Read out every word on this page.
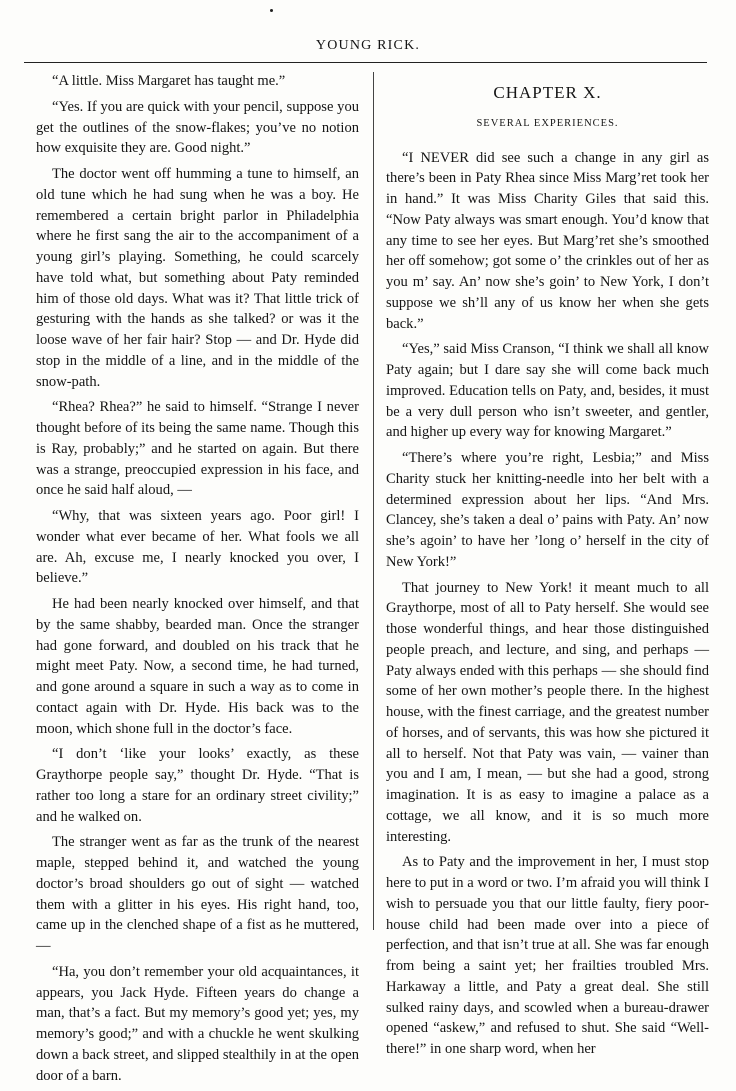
YOUNG RICK.

“A little. Miss Margaret has taught me.”

“Yes. If you are quick with your pencil, suppose you get the outlines of the snow-flakes; you’ve no notion how exquisite they are. Good night.”

The doctor went off humming a tune to himself, an old tune which he had sung when he was a boy. He remembered a certain bright parlor in Philadelphia where he first sang the air to the accompaniment of a young girl’s playing. Something, he could scarcely have told what, but something about Paty reminded him of those old days. What was it? That little trick of gesturing with the hands as she talked? or was it the loose wave of her fair hair? Stop — and Dr. Hyde did stop in the middle of a line, and in the middle of the snow-path.

“Rhea? Rhea?” he said to himself. “Strange I never thought before of its being the same name. Though this is Ray, probably;” and he started on again. But there was a strange, preoccupied expression in his face, and once he said half aloud, —

“Why, that was sixteen years ago. Poor girl! I wonder what ever became of her. What fools we all are. Ah, excuse me, I nearly knocked you over, I believe.”

He had been nearly knocked over himself, and that by the same shabby, bearded man. Once the stranger had gone forward, and doubled on his track that he might meet Paty. Now, a second time, he had turned, and gone around a square in such a way as to come in contact again with Dr. Hyde. His back was to the moon, which shone full in the doctor’s face.

“I don’t ‘like your looks’ exactly, as these Graythorpe people say,” thought Dr. Hyde. “That is rather too long a stare for an ordinary street civility;” and he walked on.

The stranger went as far as the trunk of the nearest maple, stepped behind it, and watched the young doctor’s broad shoulders go out of sight — watched them with a glitter in his eyes. His right hand, too, came up in the clenched shape of a fist as he muttered, —

“Ha, you don’t remember your old acquaintances, it appears, you Jack Hyde. Fifteen years do change a man, that’s a fact. But my memory’s good yet; yes, my memory’s good;” and with a chuckle he went skulking down a back street, and slipped stealthily in at the open door of a barn.

CHAPTER X.
SEVERAL EXPERIENCES.

“I NEVER did see such a change in any girl as there’s been in Paty Rhea since Miss Marg’ret took her in hand.” It was Miss Charity Giles that said this. “Now Paty always was smart enough. You’d know that any time to see her eyes. But Marg’ret she’s smoothed her off somehow; got some o’ the crinkles out of her as you m’ say. An’ now she’s goin’ to New York, I don’t suppose we sh’ll any of us know her when she gets back.”

“Yes,” said Miss Cranson, “I think we shall all know Paty again; but I dare say she will come back much improved. Education tells on Paty, and, besides, it must be a very dull person who isn’t sweeter, and gentler, and higher up every way for knowing Margaret.”

“There’s where you’re right, Lesbia;” and Miss Charity stuck her knitting-needle into her belt with a determined expression about her lips. “And Mrs. Clancey, she’s taken a deal o’ pains with Paty. An’ now she’s agoin’ to have her ’long o’ herself in the city of New York!”

That journey to New York! it meant much to all Graythorpe, most of all to Paty herself. She would see those wonderful things, and hear those distinguished people preach, and lecture, and sing, and perhaps — Paty always ended with this perhaps — she should find some of her own mother’s people there. In the highest house, with the finest carriage, and the greatest number of horses, and of servants, this was how she pictured it all to herself. Not that Paty was vain, — vainer than you and I am, I mean, — but she had a good, strong imagination. It is as easy to imagine a palace as a cottage, we all know, and it is so much more interesting.

As to Paty and the improvement in her, I must stop here to put in a word or two. I’m afraid you will think I wish to persuade you that our little faulty, fiery poor-house child had been made over into a piece of perfection, and that isn’t true at all. She was far enough from being a saint yet; her frailties troubled Mrs. Harkaway a little, and Paty a great deal. She still sulked rainy days, and scowled when a bureau-drawer opened “askew,” and refused to shut. She said “Well-there!” in one sharp word, when her
